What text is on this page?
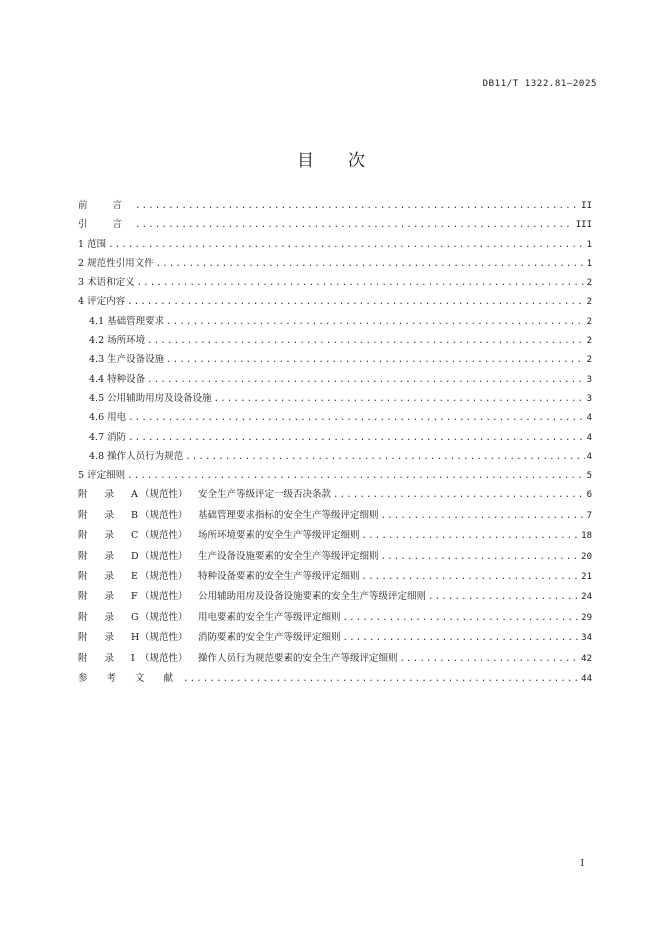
DB11/T 1322.81—2025
目次
前 言 .....	II
引 言 .....	III
1 范围 .....	1
2 规范性引用文件 .....	1
3 术语和定义 .....	2
4 评定内容 .....	2
4.1 基础管理要求 .....	2
4.2 场所环境 .....	2
4.3 生产设备设施 .....	2
4.4 特种设备 .....	3
4.5 公用辅助用房及设备设施 .....	3
4.6 用电 .....	4
4.7 消防 .....	4
4.8 操作人员行为规范 .....	4
5 评定细则 .....	5
附 录 A（规范性） 安全生产等级评定一级否决条款 .....	6
附 录 B（规范性） 基础管理要求指标的安全生产等级评定细则 .....	7
附 录 C（规范性） 场所环境要素的安全生产等级评定细则 .....	18
附 录 D（规范性） 生产设备设施要素的安全生产等级评定细则 .....	20
附 录 E（规范性） 特种设备要素的安全生产等级评定细则 .....	21
附 录 F（规范性） 公用辅助用房及设备设施要素的安全生产等级评定细则 .....	24
附 录 G（规范性） 用电要素的安全生产等级评定细则 .....	29
附 录 H（规范性） 消防要素的安全生产等级评定细则 .....	34
附 录 I（规范性） 操作人员行为规范要素的安全生产等级评定细则 .....	42
参 考 文 献 .....	44
I
